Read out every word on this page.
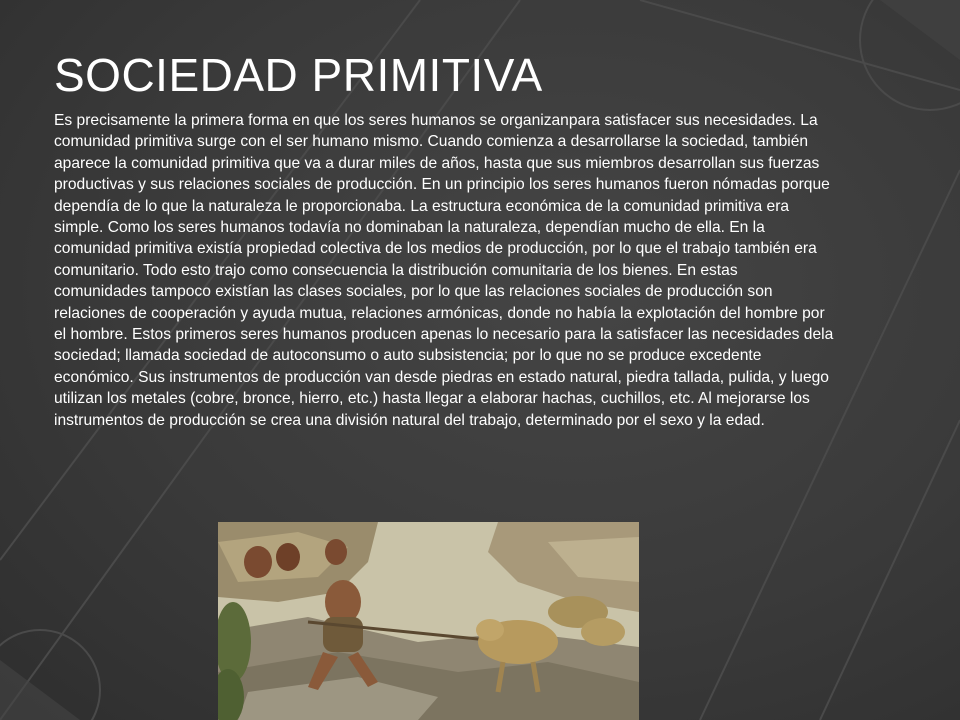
SOCIEDAD PRIMITIVA
Es precisamente la primera forma en que los seres humanos se organizanpara satisfacer sus necesidades. La comunidad primitiva surge con el ser humano mismo. Cuando comienza a desarrollarse la sociedad, también aparece la comunidad primitiva que va a durar miles de años, hasta que sus miembros desarrollan sus fuerzas productivas y sus relaciones sociales de producción. En un principio los seres humanos fueron nómadas porque dependía de lo que la naturaleza le proporcionaba. La estructura económica de la comunidad primitiva era simple. Como los seres humanos todavía no dominaban la naturaleza, dependían mucho de ella. En la comunidad primitiva existía propiedad colectiva de los medios de producción, por lo que el trabajo también era comunitario. Todo esto trajo como consecuencia la distribución comunitaria de los bienes. En estas comunidades tampoco existían las clases sociales, por lo que las relaciones sociales de producción son relaciones de cooperación y ayuda mutua, relaciones armónicas, donde no había la explotación del hombre por el hombre. Estos primeros seres humanos producen apenas lo necesario para la satisfacer las necesidades dela sociedad; llamada sociedad de autoconsumo o auto subsistencia; por lo que no se produce excedente económico. Sus instrumentos de producción van desde piedras en estado natural, piedra tallada, pulida, y luego utilizan los metales (cobre, bronce, hierro, etc.) hasta llegar a elaborar hachas, cuchillos, etc. Al mejorarse los instrumentos de producción se crea una división natural del trabajo, determinado por el sexo y la edad.
